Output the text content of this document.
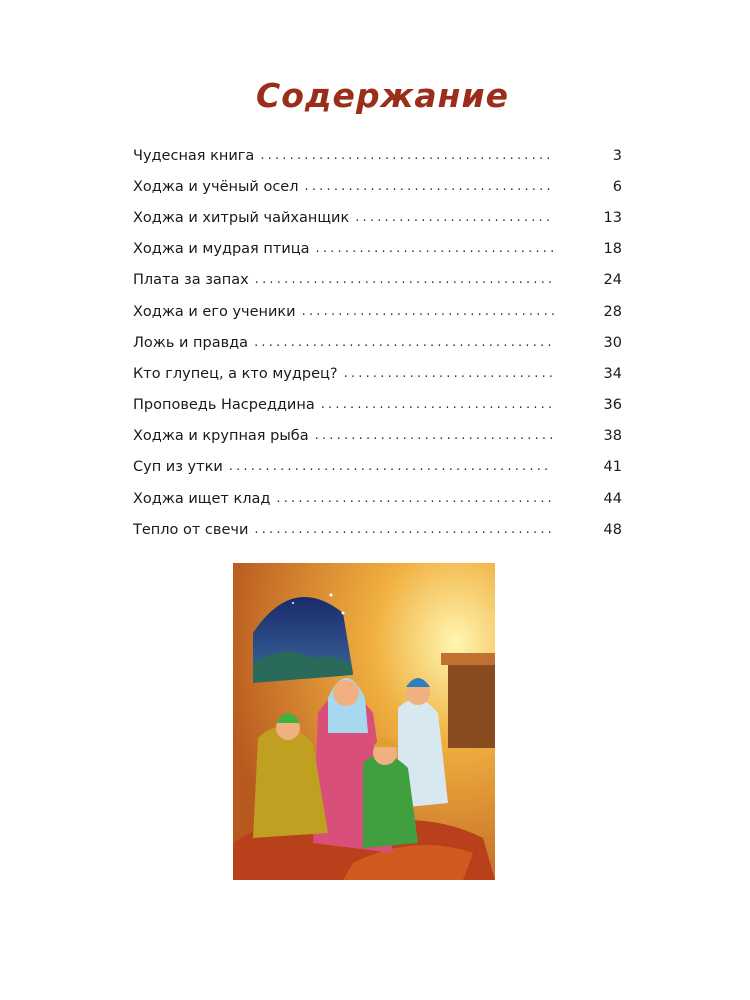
Содержание
Чудесная книга ........................................	3
Ходжа и учёный осел ..................................	6
Ходжа и хитрый чайханщик ...........................	13
Ходжа и мудрая птица .................................	18
Плата за запах .........................................	24
Ходжа и его ученики ...................................	28
Ложь и правда .........................................	30
Кто глупец, а кто мудрец? .............................	34
Проповедь Насреддина ................................	36
Ходжа и крупная рыба .................................	38
Суп из утки ............................................	41
Ходжа ищет клад ......................................	44
Тепло от свечи .........................................	48
